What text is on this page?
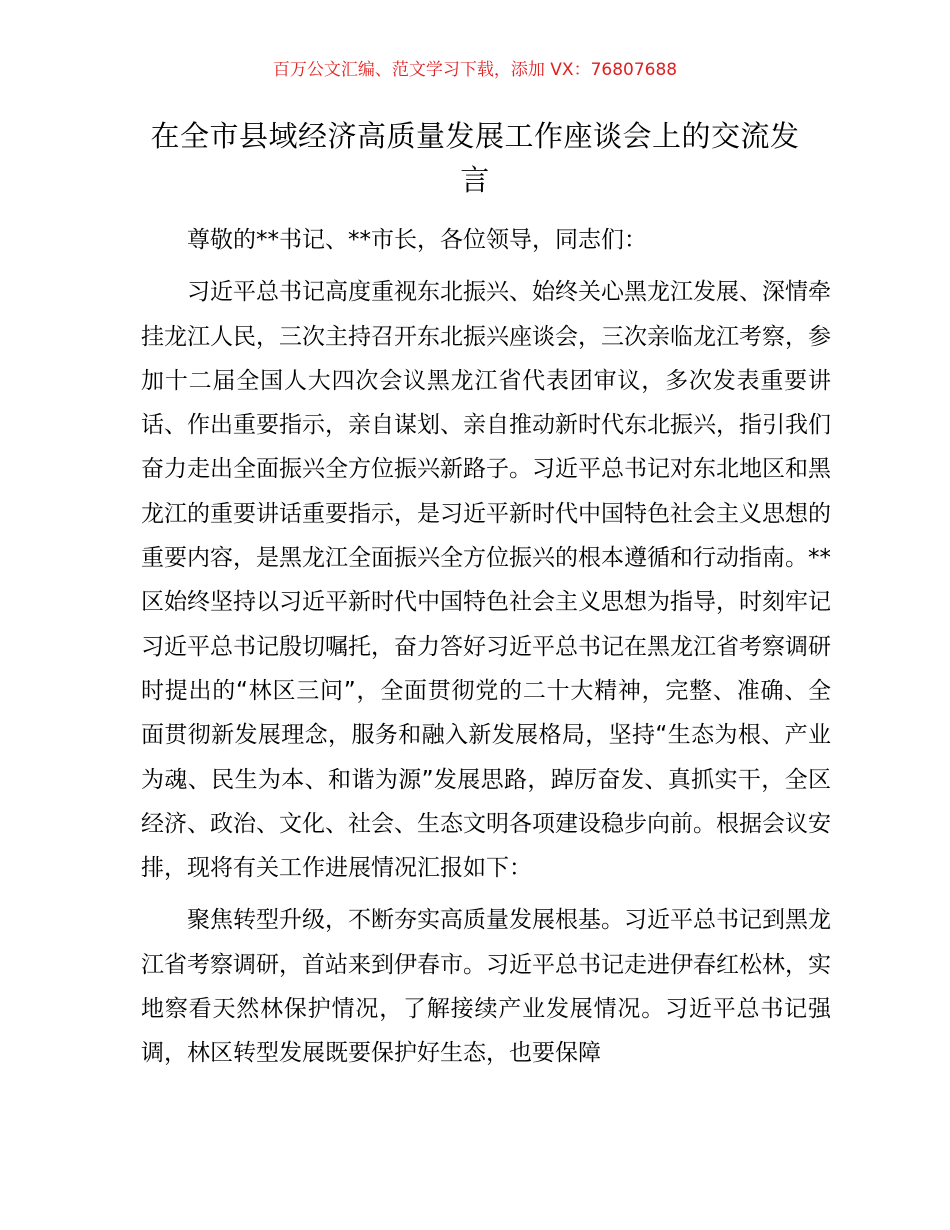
百万公文汇编、范文学习下载，添加 VX：76807688
在全市县域经济高质量发展工作座谈会上的交流发言

尊敬的**书记、**市长，各位领导，同志们：

习近平总书记高度重视东北振兴、始终关心黑龙江发展、深情牵挂龙江人民，三次主持召开东北振兴座谈会，三次亲临龙江考察，参加十二届全国人大四次会议黑龙江省代表团审议，多次发表重要讲话、作出重要指示，亲自谋划、亲自推动新时代东北振兴，指引我们奋力走出全面振兴全方位振兴新路子。习近平总书记对东北地区和黑龙江的重要讲话重要指示，是习近平新时代中国特色社会主义思想的重要内容，是黑龙江全面振兴全方位振兴的根本遵循和行动指南。**区始终坚持以习近平新时代中国特色社会主义思想为指导，时刻牢记习近平总书记殷切嘱托，奋力答好习近平总书记在黑龙江省考察调研时提出的“林区三问”，全面贯彻党的二十大精神，完整、准确、全面贯彻新发展理念，服务和融入新发展格局，坚持“生态为根、产业为魂、民生为本、和谐为源”发展思路，踔厉奋发、真抓实干，全区经济、政治、文化、社会、生态文明各项建设稳步向前。根据会议安排，现将有关工作进展情况汇报如下：

聚焦转型升级，不断夯实高质量发展根基。习近平总书记到黑龙江省考察调研，首站来到伊春市。习近平总书记走进伊春红松林，实地察看天然林保护情况，了解接续产业发展情况。习近平总书记强调，林区转型发展既要保护好生态，也要保障
